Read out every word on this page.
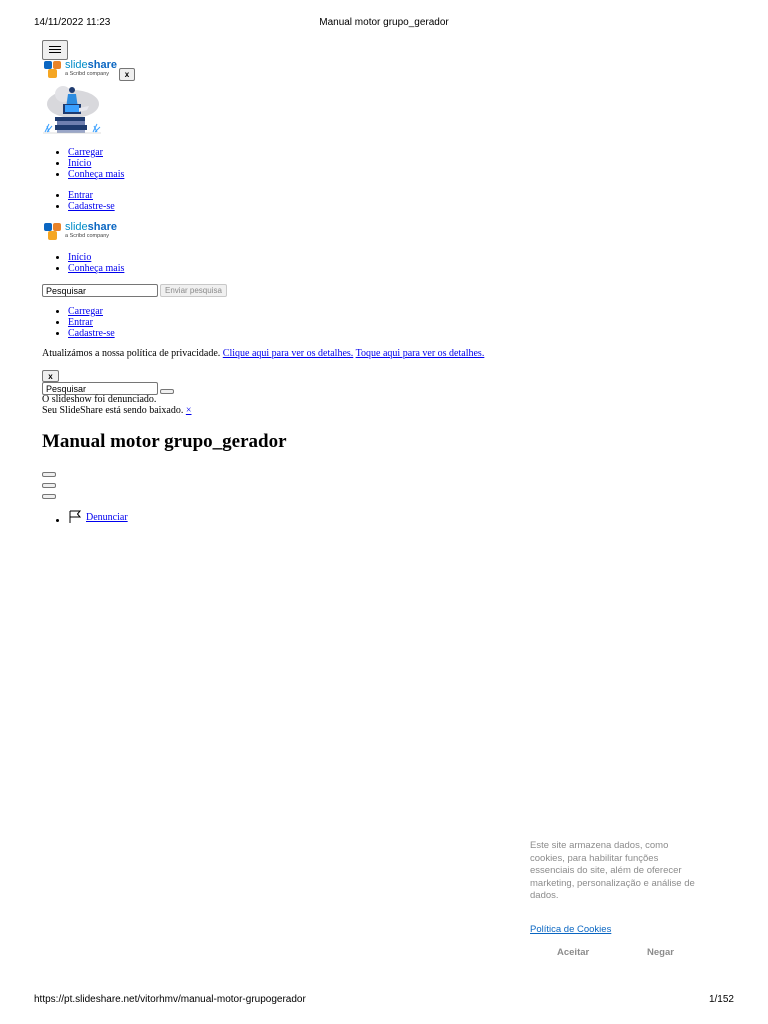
14/11/2022 11:23	Manual motor grupo_gerador
slideshare
a Scribd company	x
• Carregar
• Início
• Conheça mais
• Entrar
• Cadastre-se
slideshare
a Scribd company
• Início
• Conheça mais
Pesquisar
Enviar pesquisa
• Carregar
• Entrar
• Cadastre-se
Atualizámos a nossa política de privacidade. Clique aqui para ver os detalhes. Toque aqui para ver os detalhes.
x
Pesquisar
O slideshow foi denunciado.
Seu SlideShare está sendo baixado. ×
Manual motor grupo_gerador
• Denunciar
Este site armazena dados, como cookies, para habilitar funções essenciais do site, além de oferecer marketing, personalização e análise de dados.
Política de Cookies
Aceitar	Negar
https://pt.slideshare.net/vitorhmv/manual-motor-grupogerador	1/152
